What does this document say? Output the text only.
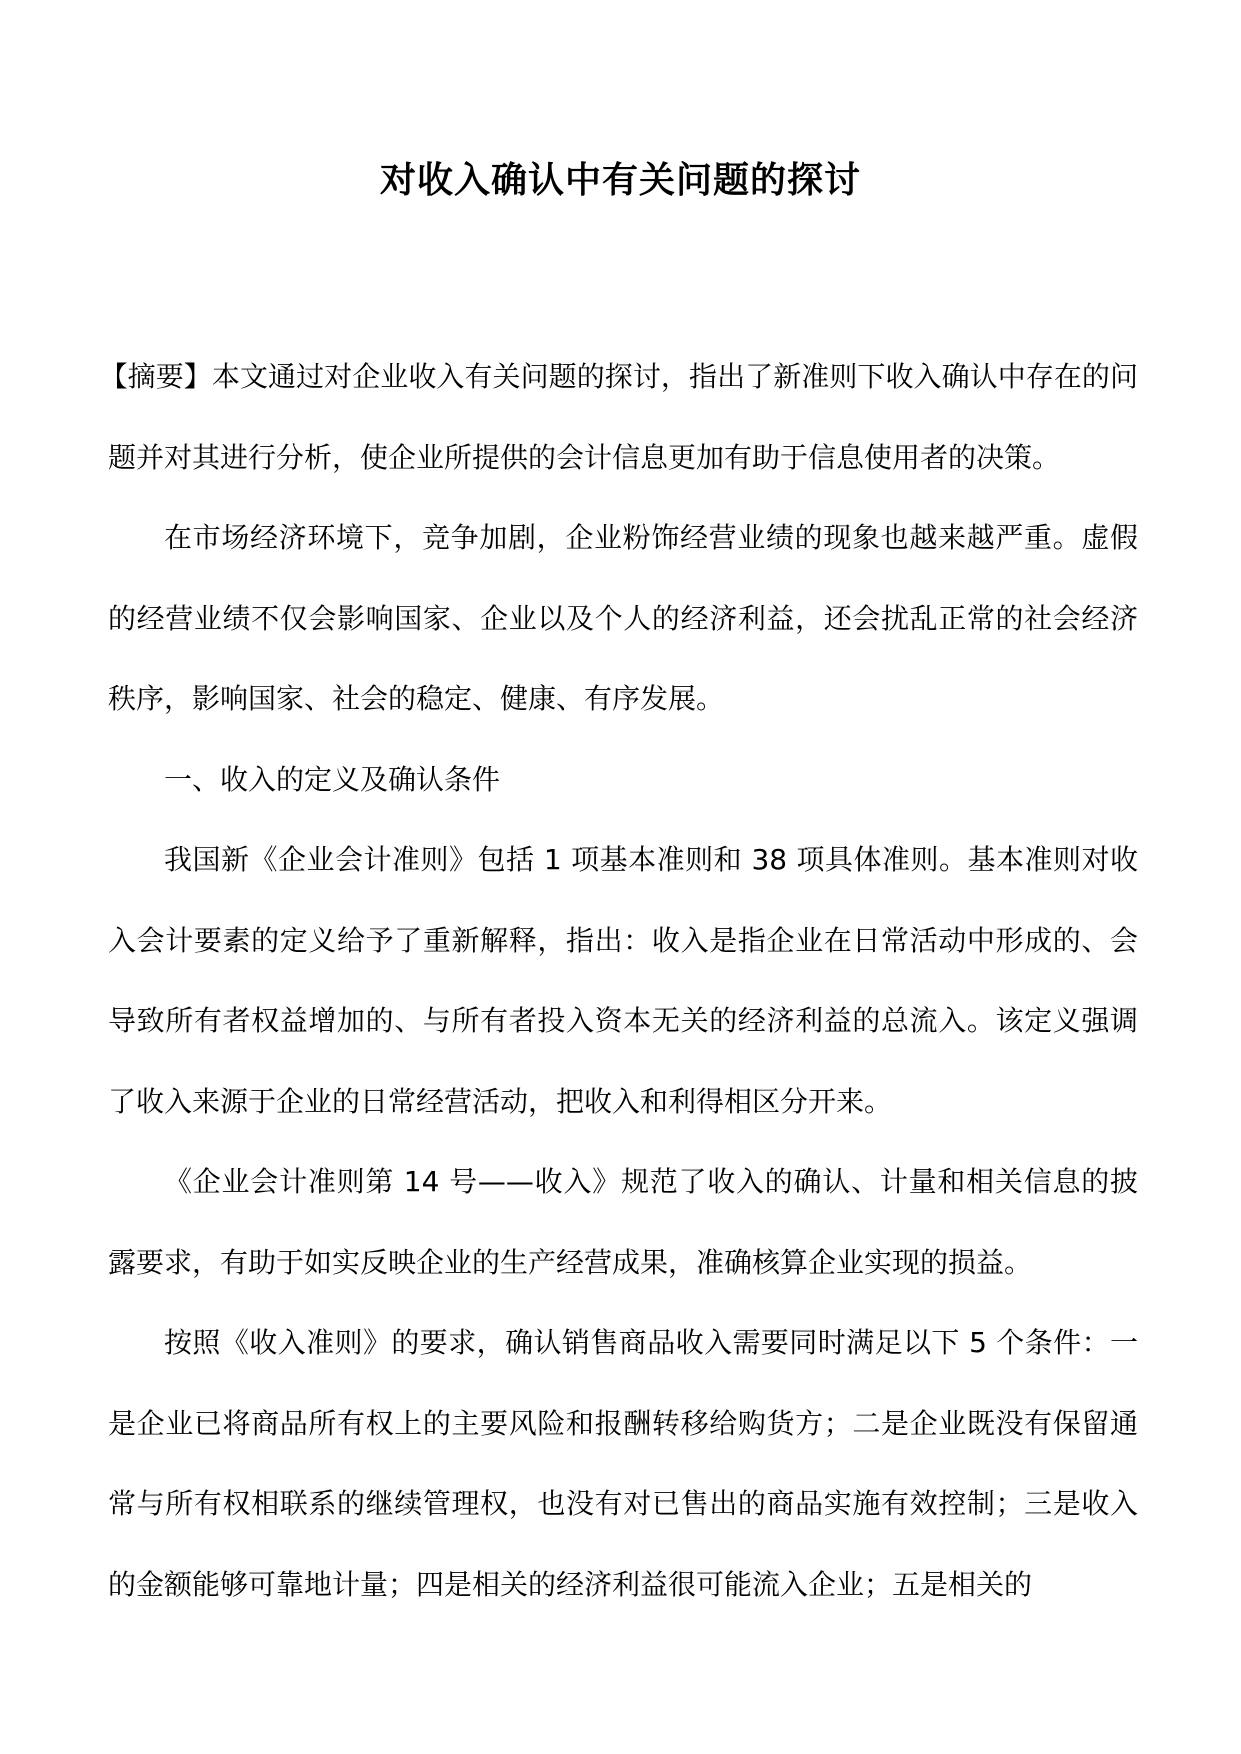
对收入确认中有关问题的探讨

【摘要】本文通过对企业收入有关问题的探讨，指出了新准则下收入确认中存在的问题并对其进行分析，使企业所提供的会计信息更加有助于信息使用者的决策。

在市场经济环境下，竞争加剧，企业粉饰经营业绩的现象也越来越严重。虚假的经营业绩不仅会影响国家、企业以及个人的经济利益，还会扰乱正常的社会经济秩序，影响国家、社会的稳定、健康、有序发展。

一、收入的定义及确认条件

我国新《企业会计准则》包括 1 项基本准则和 38 项具体准则。基本准则对收入会计要素的定义给予了重新解释，指出：收入是指企业在日常活动中形成的、会导致所有者权益增加的、与所有者投入资本无关的经济利益的总流入。该定义强调了收入来源于企业的日常经营活动，把收入和利得相区分开来。

《企业会计准则第 14 号——收入》规范了收入的确认、计量和相关信息的披露要求，有助于如实反映企业的生产经营成果，准确核算企业实现的损益。

按照《收入准则》的要求，确认销售商品收入需要同时满足以下 5 个条件：一是企业已将商品所有权上的主要风险和报酬转移给购货方；二是企业既没有保留通常与所有权相联系的继续管理权，也没有对已售出的商品实施有效控制；三是收入的金额能够可靠地计量；四是相关的经济利益很可能流入企业；五是相关的
